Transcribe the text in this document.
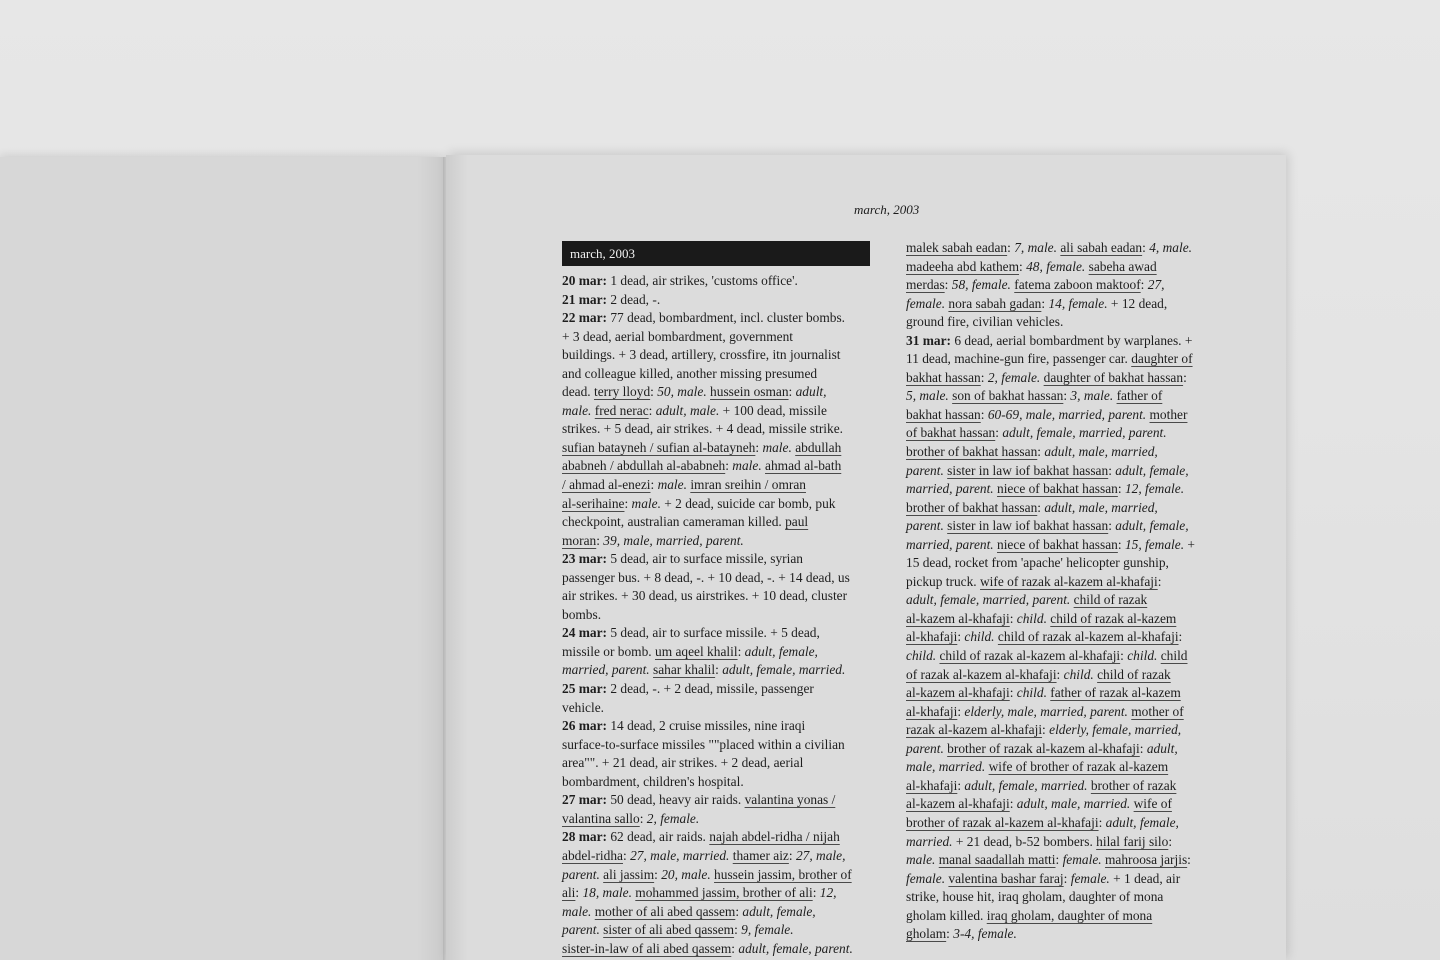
march, 2003
march, 2003
20 mar: 1 dead, air strikes, 'customs office'.
21 mar: 2 dead, -.
22 mar: 77 dead, bombardment, incl. cluster bombs.
+ 3 dead, aerial bombardment, government
buildings. + 3 dead, artillery, crossfire, itn journalist
and colleague killed, another missing presumed
dead. terry lloyd: 50, male. hussein osman: adult,
male. fred nerac: adult, male. + 100 dead, missile
strikes. + 5 dead, air strikes. + 4 dead, missile strike.
sufian batayneh / sufian al-batayneh: male. abdullah
ababneh / abdullah al-ababneh: male. ahmad al-bath
/ ahmad al-enezi: male. imran sreihin / omran
al-serihaine: male. + 2 dead, suicide car bomb, puk
checkpoint, australian cameraman killed. paul
moran: 39, male, married, parent.
23 mar: 5 dead, air to surface missile, syrian
passenger bus. + 8 dead, -. + 10 dead, -. + 14 dead, us
air strikes. + 30 dead, us airstrikes. + 10 dead, cluster
bombs.
24 mar: 5 dead, air to surface missile. + 5 dead,
missile or bomb. um aqeel khalil: adult, female,
married, parent. sahar khalil: adult, female, married.
25 mar: 2 dead, -. + 2 dead, missile, passenger
vehicle.
26 mar: 14 dead, 2 cruise missiles, nine iraqi
surface-to-surface missiles ""placed within a civilian
area"". + 21 dead, air strikes. + 2 dead, aerial
bombardment, children's hospital.
27 mar: 50 dead, heavy air raids. valantina yonas /
valantina sallo: 2, female.
28 mar: 62 dead, air raids. najah abdel-ridha / nijah
abdel-ridha: 27, male, married. thamer aiz: 27, male,
parent. ali jassim: 20, male. hussein jassim, brother of
ali: 18, male. mohammed jassim, brother of ali: 12,
male. mother of ali abed qassem: adult, female,
parent. sister of ali abed qassem: 9, female.
sister-in-law of ali abed qassem: adult, female, parent.
malek sabah eadan: 7, male. ali sabah eadan: 4, male.
madeeha abd kathem: 48, female. sabeha awad
merdas: 58, female. fatema zaboon maktoof: 27,
female. nora sabah gadan: 14, female. + 12 dead,
ground fire, civilian vehicles.
31 mar: 6 dead, aerial bombardment by warplanes. +
11 dead, machine-gun fire, passenger car. daughter of
bakhat hassan: 2, female. daughter of bakhat hassan:
5, male. son of bakhat hassan: 3, male. father of
bakhat hassan: 60-69, male, married, parent. mother
of bakhat hassan: adult, female, married, parent.
brother of bakhat hassan: adult, male, married,
parent. sister in law iof bakhat hassan: adult, female,
married, parent. niece of bakhat hassan: 12, female.
brother of bakhat hassan: adult, male, married,
parent. sister in law iof bakhat hassan: adult, female,
married, parent. niece of bakhat hassan: 15, female. +
15 dead, rocket from 'apache' helicopter gunship,
pickup truck. wife of razak al-kazem al-khafaji:
adult, female, married, parent. child of razak
al-kazem al-khafaji: child. child of razak al-kazem
al-khafaji: child. child of razak al-kazem al-khafaji:
child. child of razak al-kazem al-khafaji: child. child
of razak al-kazem al-khafaji: child. child of razak
al-kazem al-khafaji: child. father of razak al-kazem
al-khafaji: elderly, male, married, parent. mother of
razak al-kazem al-khafaji: elderly, female, married,
parent. brother of razak al-kazem al-khafaji: adult,
male, married. wife of brother of razak al-kazem
al-khafaji: adult, female, married. brother of razak
al-kazem al-khafaji: adult, male, married. wife of
brother of razak al-kazem al-khafaji: adult, female,
married. + 21 dead, b-52 bombers. hilal farij silo:
male. manal saadallah matti: female. mahroosa jarjis:
female. valentina bashar faraj: female. + 1 dead, air
strike, house hit, iraq gholam, daughter of mona
gholam killed. iraq gholam, daughter of mona
gholam: 3-4, female.
